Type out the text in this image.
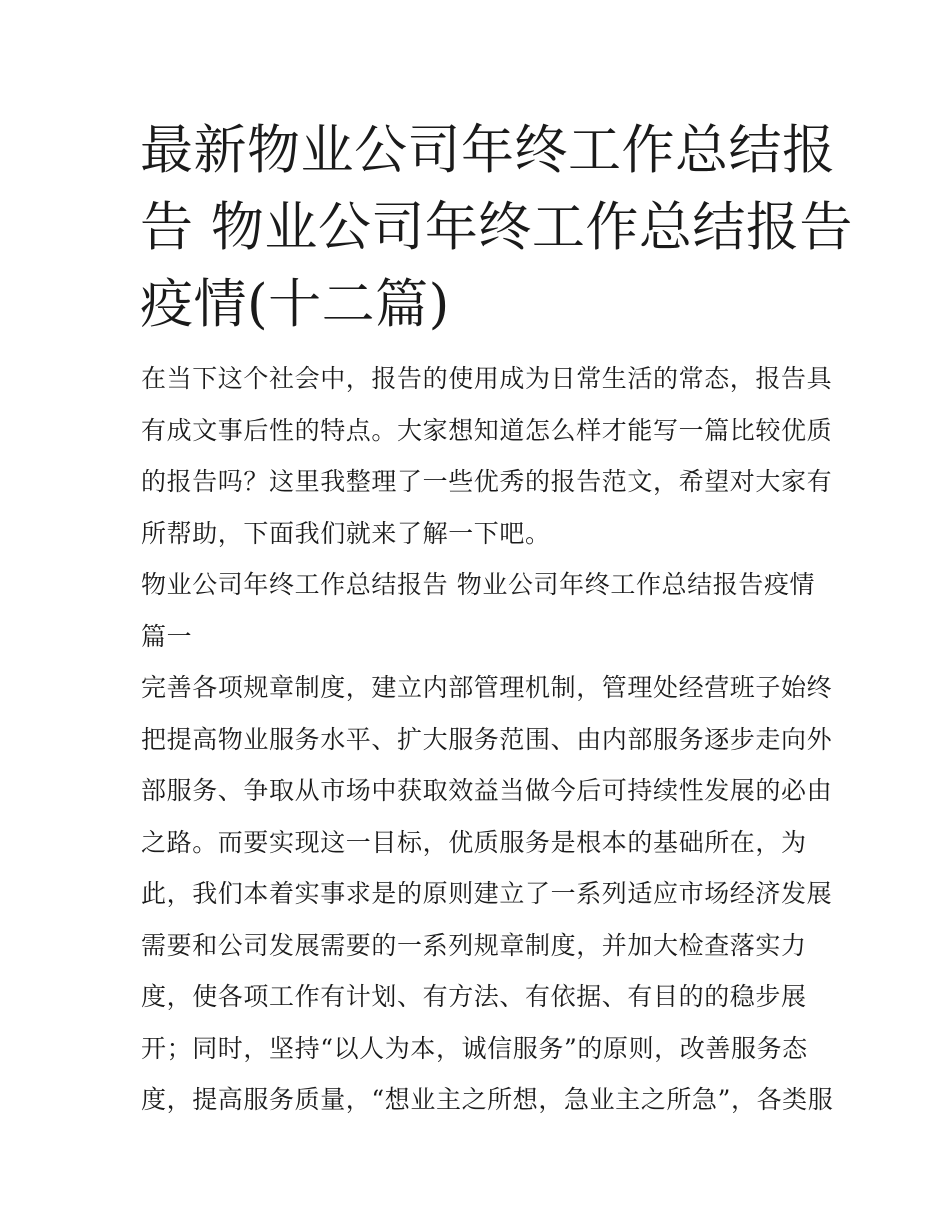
最新物业公司年终工作总结报
告 物业公司年终工作总结报告
疫情(十二篇)
在当下这个社会中，报告的使用成为日常生活的常态，报告具
有成文事后性的特点。大家想知道怎么样才能写一篇比较优质
的报告吗？这里我整理了一些优秀的报告范文，希望对大家有
所帮助，下面我们就来了解一下吧。
物业公司年终工作总结报告 物业公司年终工作总结报告疫情
篇一
完善各项规章制度，建立内部管理机制，管理处经营班子始终
把提高物业服务水平、扩大服务范围、由内部服务逐步走向外
部服务、争取从市场中获取效益当做今后可持续性发展的必由
之路。而要实现这一目标，优质服务是根本的基础所在，为
此，我们本着实事求是的原则建立了一系列适应市场经济发展
需要和公司发展需要的一系列规章制度，并加大检查落实力
度，使各项工作有计划、有方法、有依据、有目的的稳步展
开；同时，坚持“以人为本，诚信服务”的原则，改善服务态
度，提高服务质量，“想业主之所想，急业主之所急”，各类服
